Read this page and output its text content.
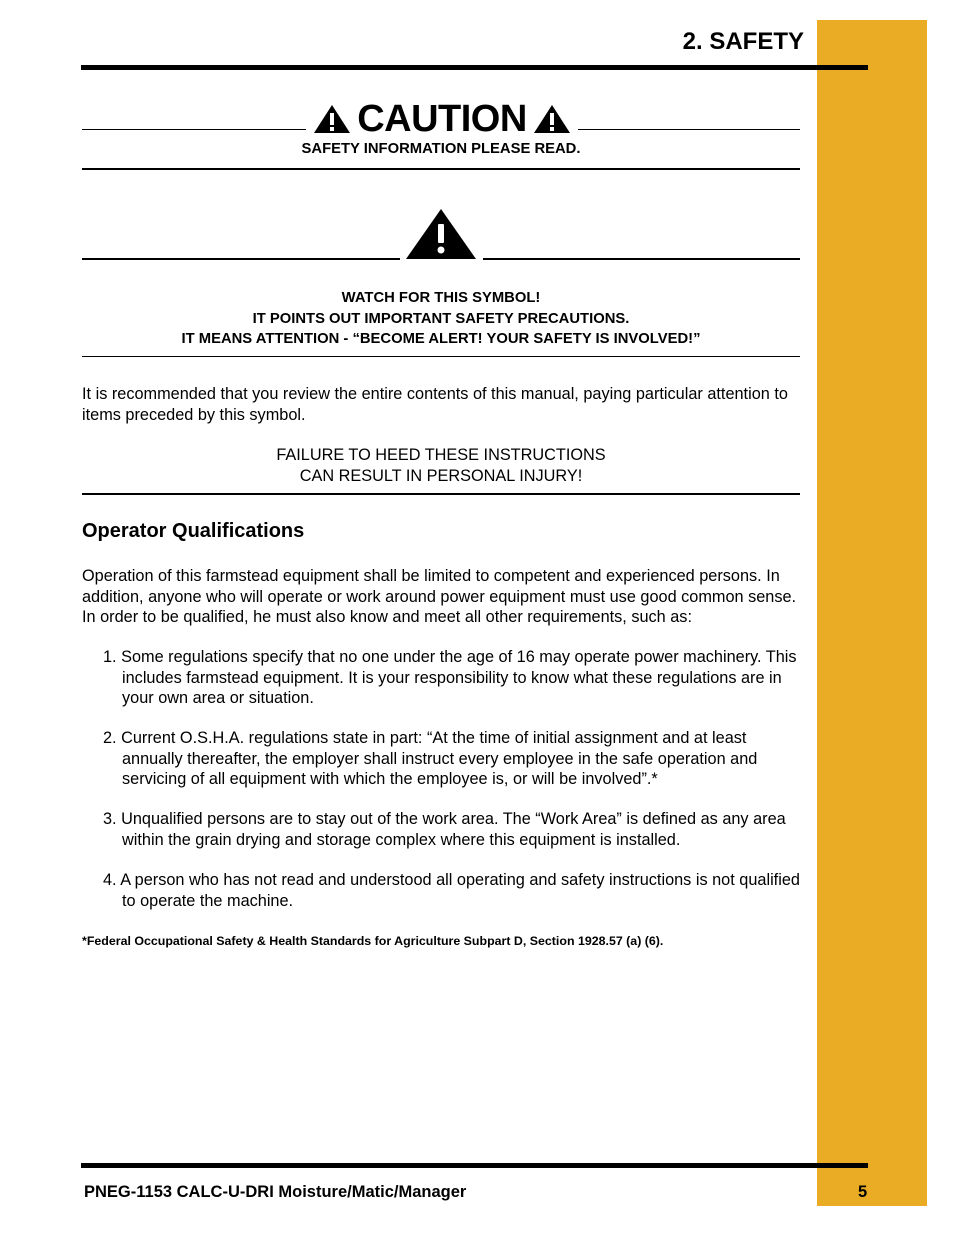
2. SAFETY
CAUTION
SAFETY INFORMATION PLEASE READ.
WATCH FOR THIS SYMBOL!
IT POINTS OUT IMPORTANT SAFETY PRECAUTIONS.
IT MEANS ATTENTION - “BECOME ALERT! YOUR SAFETY IS INVOLVED!”
It is recommended that you review the entire contents of this manual, paying particular attention to items preceded by this symbol.
FAILURE TO HEED THESE INSTRUCTIONS
CAN RESULT IN PERSONAL INJURY!
Operator Qualifications
Operation of this farmstead equipment shall be limited to competent and experienced persons. In addition, anyone who will operate or work around power equipment must use good common sense. In order to be qualified, he must also know and meet all other requirements, such as:
1. Some regulations specify that no one under the age of 16 may operate power machinery. This includes farmstead equipment. It is your responsibility to know what these regulations are in your own area or situation.
2. Current O.S.H.A. regulations state in part: “At the time of initial assignment and at least annually thereafter, the employer shall instruct every employee in the safe operation and servicing of all equipment with which the employee is, or will be involved”.*
3. Unqualified persons are to stay out of the work area. The “Work Area” is defined as any area within the grain drying and storage complex where this equipment is installed.
4. A person who has not read and understood all operating and safety instructions is not qualified to operate the machine.
*Federal Occupational Safety & Health Standards for Agriculture Subpart D, Section 1928.57 (a) (6).
PNEG-1153 CALC-U-DRI Moisture/Matic/Manager	5
